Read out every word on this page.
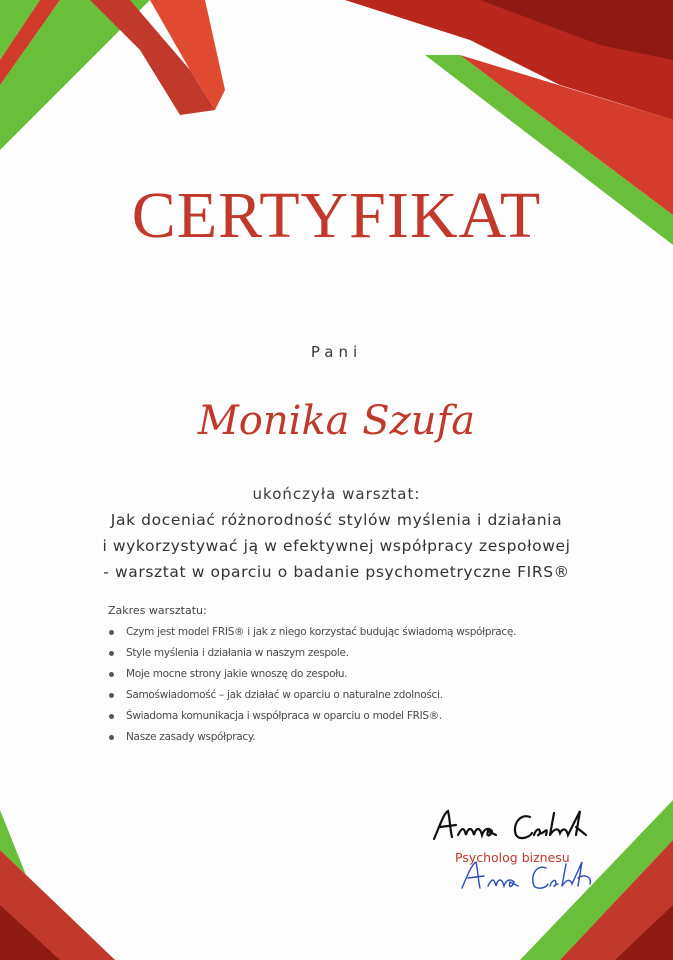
CERTYFIKAT
Pani
Monika Szufa
ukończyła warsztat:
Jak doceniać różnorodność stylów myślenia i działania
i wykorzystywać ją w efektywnej współpracy zespołowej
- warsztat w oparciu o badanie psychometryczne FIRS®
Zakres warsztatu:
Czym jest model FRIS® i jak z niego korzystać budując świadomą współpracę.
Style myślenia i działania w naszym zespole.
Moje mocne strony jakie wnoszę do zespołu.
Samoświadomość – jak działać w oparciu o naturalne zdolności.
Świadoma komunikacja i współpraca w oparciu o model FRIS®.
Nasze zasady współpracy.
Psycholog biznesu
